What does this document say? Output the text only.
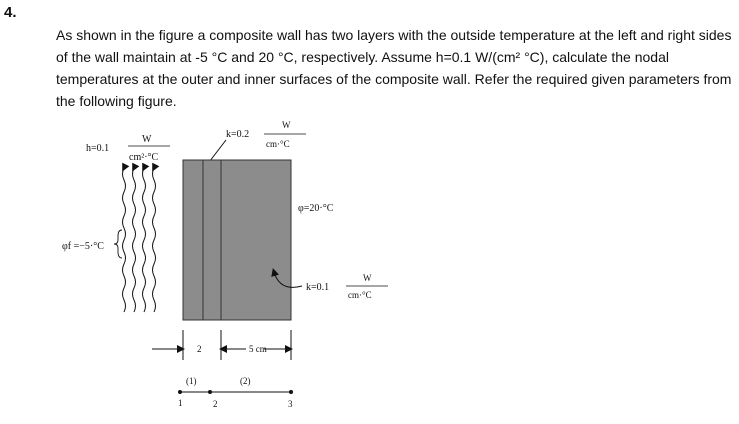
4.

As shown in the figure a composite wall has two layers with the outside temperature at the left and right sides of the wall maintain at -5 °C and 20 °C, respectively. Assume h=0.1 W/(cm² °C), calculate the nodal temperatures at the outer and inner surfaces of the composite wall. Refer the required given parameters from the following figure.

h=0.1
W
cm²·°C
k=0.2
W
cm·°C
φf =−5·°C
φ=20·°C
k=0.1
W
cm·°C
2	5 cm
(1)	(2)
1	2	3
